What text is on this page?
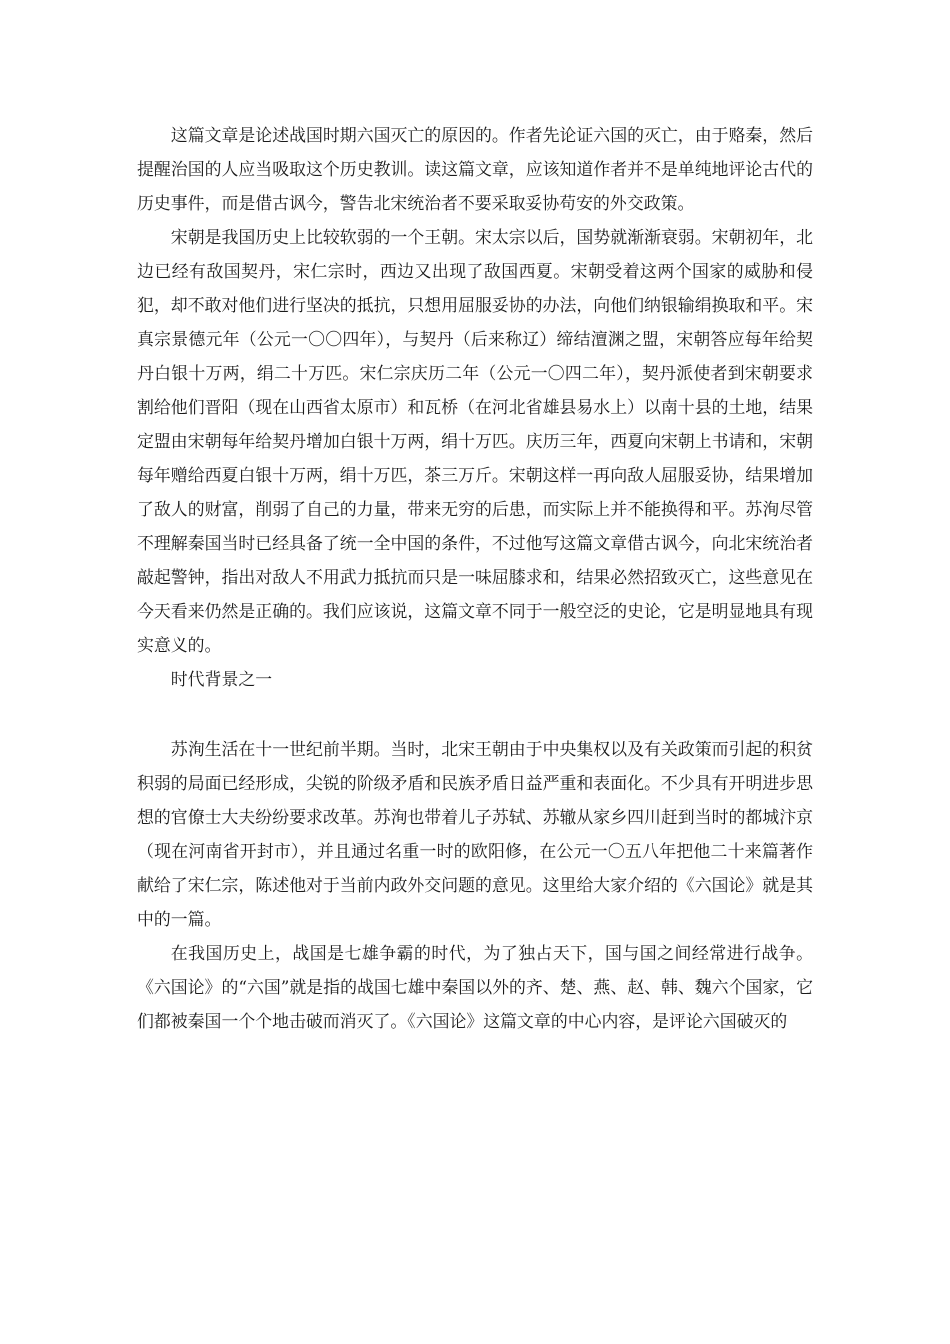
这篇文章是论述战国时期六国灭亡的原因的。作者先论证六国的灭亡，由于赂秦，然后提醒治国的人应当吸取这个历史教训。读这篇文章，应该知道作者并不是单纯地评论古代的历史事件，而是借古讽今，警告北宋统治者不要采取妥协苟安的外交政策。

宋朝是我国历史上比较软弱的一个王朝。宋太宗以后，国势就渐渐衰弱。宋朝初年，北边已经有敌国契丹，宋仁宗时，西边又出现了敌国西夏。宋朝受着这两个国家的威胁和侵犯，却不敢对他们进行坚决的抵抗，只想用屈服妥协的办法，向他们纳银输绢换取和平。宋真宗景德元年（公元一〇〇四年），与契丹（后来称辽）缔结澶渊之盟，宋朝答应每年给契丹白银十万两，绢二十万匹。宋仁宗庆历二年（公元一〇四二年），契丹派使者到宋朝要求割给他们晋阳（现在山西省太原市）和瓦桥（在河北省雄县易水上）以南十县的土地，结果定盟由宋朝每年给契丹增加白银十万两，绢十万匹。庆历三年，西夏向宋朝上书请和，宋朝每年赠给西夏白银十万两，绢十万匹，茶三万斤。宋朝这样一再向敌人屈服妥协，结果增加了敌人的财富，削弱了自己的力量，带来无穷的后患，而实际上并不能换得和平。苏洵尽管不理解秦国当时已经具备了统一全中国的条件，不过他写这篇文章借古讽今，向北宋统治者敲起警钟，指出对敌人不用武力抵抗而只是一味屈膝求和，结果必然招致灭亡，这些意见在今天看来仍然是正确的。我们应该说，这篇文章不同于一般空泛的史论，它是明显地具有现实意义的。

时代背景之一

苏洵生活在十一世纪前半期。当时，北宋王朝由于中央集权以及有关政策而引起的积贫积弱的局面已经形成，尖锐的阶级矛盾和民族矛盾日益严重和表面化。不少具有开明进步思想的官僚士大夫纷纷要求改革。苏洵也带着儿子苏轼、苏辙从家乡四川赶到当时的都城汴京（现在河南省开封市），并且通过名重一时的欧阳修，在公元一〇五八年把他二十来篇著作献给了宋仁宗，陈述他对于当前内政外交问题的意见。这里给大家介绍的《六国论》就是其中的一篇。

在我国历史上，战国是七雄争霸的时代，为了独占天下，国与国之间经常进行战争。《六国论》的“六国”就是指的战国七雄中秦国以外的齐、楚、燕、赵、韩、魏六个国家，它们都被秦国一个个地击破而消灭了。《六国论》这篇文章的中心内容，是评论六国破灭的
